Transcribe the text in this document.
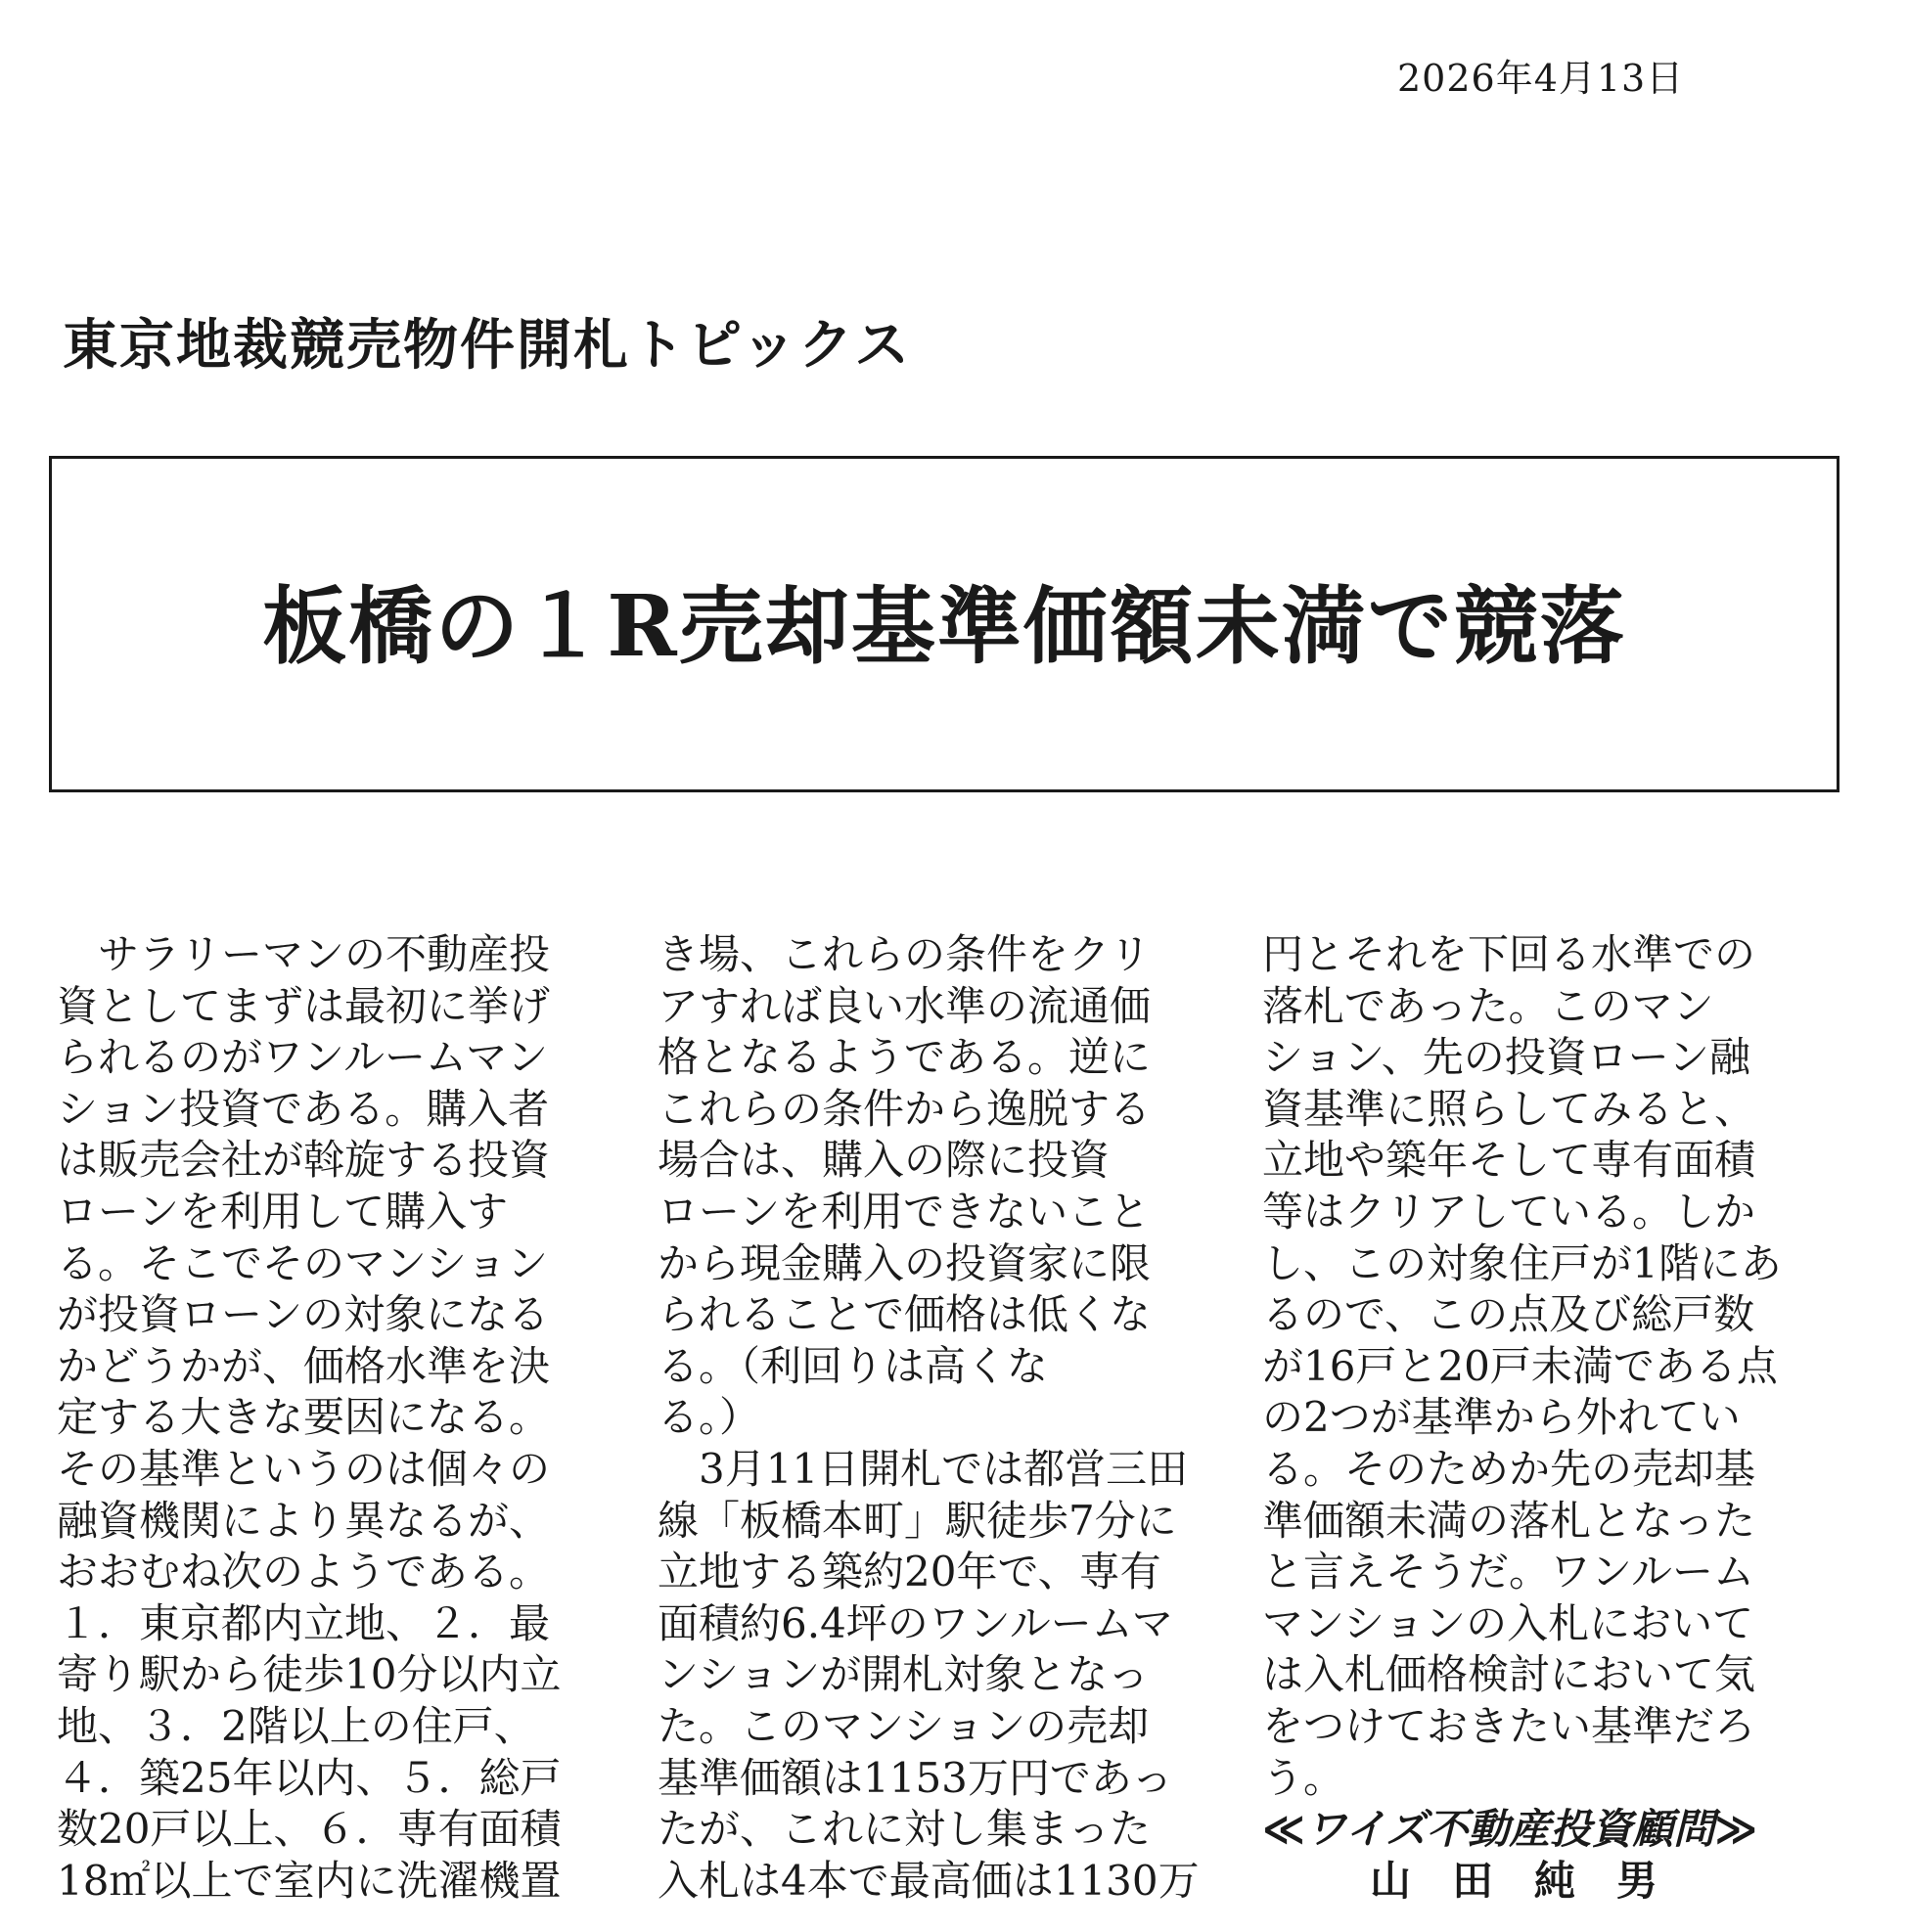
2026年4月13日
東京地裁競売物件開札トピックス
板橋の１R売却基準価額未満で競落
　サラリーマンの不動産投
資としてまずは最初に挙げ
られるのがワンルームマン
ション投資である。購入者
は販売会社が斡旋する投資
ローンを利用して購入す
る。そこでそのマンション
が投資ローンの対象になる
かどうかが、価格水準を決
定する大きな要因になる。
その基準というのは個々の
融資機関により異なるが、
おおむね次のようである。
１．東京都内立地、２．最
寄り駅から徒歩10分以内立
地、３．2階以上の住戸、
４．築25年以内、５．総戸
数20戸以上、６．専有面積
18㎡以上で室内に洗濯機置
き場、これらの条件をクリ
アすれば良い水準の流通価
格となるようである。逆に
これらの条件から逸脱する
場合は、購入の際に投資
ローンを利用できないこと
から現金購入の投資家に限
られることで価格は低くな
る。（利回りは高くな
る。）
　3月11日開札では都営三田
線「板橋本町」駅徒歩7分に
立地する築約20年で、専有
面積約6.4坪のワンルームマ
ンションが開札対象となっ
た。このマンションの売却
基準価額は1153万円であっ
たが、これに対し集まった
入札は4本で最高価は1130万
円とそれを下回る水準での
落札であった。このマン
ション、先の投資ローン融
資基準に照らしてみると、
立地や築年そして専有面積
等はクリアしている。しか
し、この対象住戸が1階にあ
るので、この点及び総戸数
が16戸と20戸未満である点
の2つが基準から外れてい
る。そのためか先の売却基
準価額未満の落札となった
と言えそうだ。ワンルーム
マンションの入札において
は入札価格検討において気
をつけておきたい基準だろ
う。
≪ワイズ不動産投資顧問≫
山　田　純　男
